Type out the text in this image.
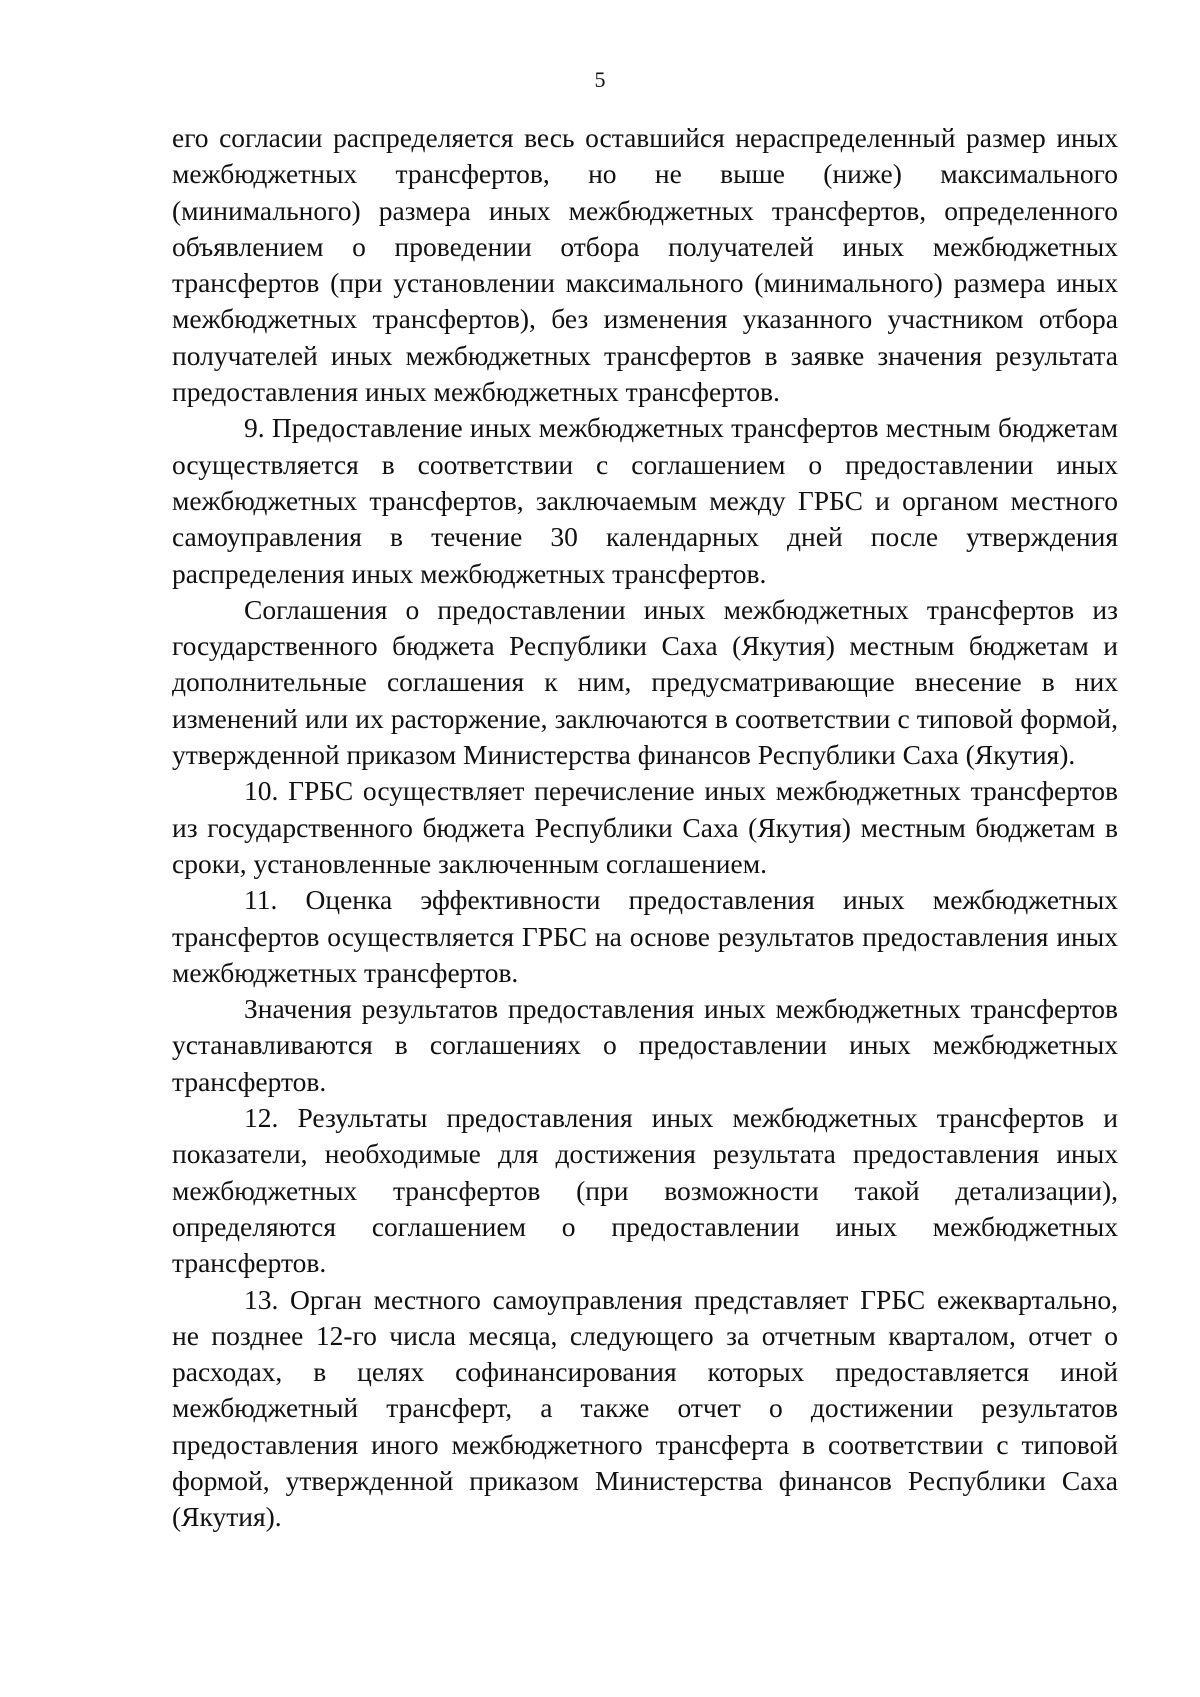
5

его согласии распределяется весь оставшийся нераспределенный размер иных межбюджетных трансфертов, но не выше (ниже) максимального (минимального) размера иных межбюджетных трансфертов, определенного объявлением о проведении отбора получателей иных межбюджетных трансфертов (при установлении максимального (минимального) размера иных межбюджетных трансфертов), без изменения указанного участником отбора получателей иных межбюджетных трансфертов в заявке значения результата предоставления иных межбюджетных трансфертов.

9. Предоставление иных межбюджетных трансфертов местным бюджетам осуществляется в соответствии с соглашением о предоставлении иных межбюджетных трансфертов, заключаемым между ГРБС и органом местного самоуправления в течение 30 календарных дней после утверждения распределения иных межбюджетных трансфертов.

Соглашения о предоставлении иных межбюджетных трансфертов из государственного бюджета Республики Саха (Якутия) местным бюджетам и дополнительные соглашения к ним, предусматривающие внесение в них изменений или их расторжение, заключаются в соответствии с типовой формой, утвержденной приказом Министерства финансов Республики Саха (Якутия).

10. ГРБС осуществляет перечисление иных межбюджетных трансфертов из государственного бюджета Республики Саха (Якутия) местным бюджетам в сроки, установленные заключенным соглашением.

11. Оценка эффективности предоставления иных межбюджетных трансфертов осуществляется ГРБС на основе результатов предоставления иных межбюджетных трансфертов.

Значения результатов предоставления иных межбюджетных трансфертов устанавливаются в соглашениях о предоставлении иных межбюджетных трансфертов.

12. Результаты предоставления иных межбюджетных трансфертов и показатели, необходимые для достижения результата предоставления иных межбюджетных трансфертов (при возможности такой детализации), определяются соглашением о предоставлении иных межбюджетных трансфертов.

13. Орган местного самоуправления представляет ГРБС ежеквартально, не позднее 12-го числа месяца, следующего за отчетным кварталом, отчет о расходах, в целях софинансирования которых предоставляется иной межбюджетный трансферт, а также отчет о достижении результатов предоставления иного межбюджетного трансферта в соответствии с типовой формой, утвержденной приказом Министерства финансов Республики Саха (Якутия).
